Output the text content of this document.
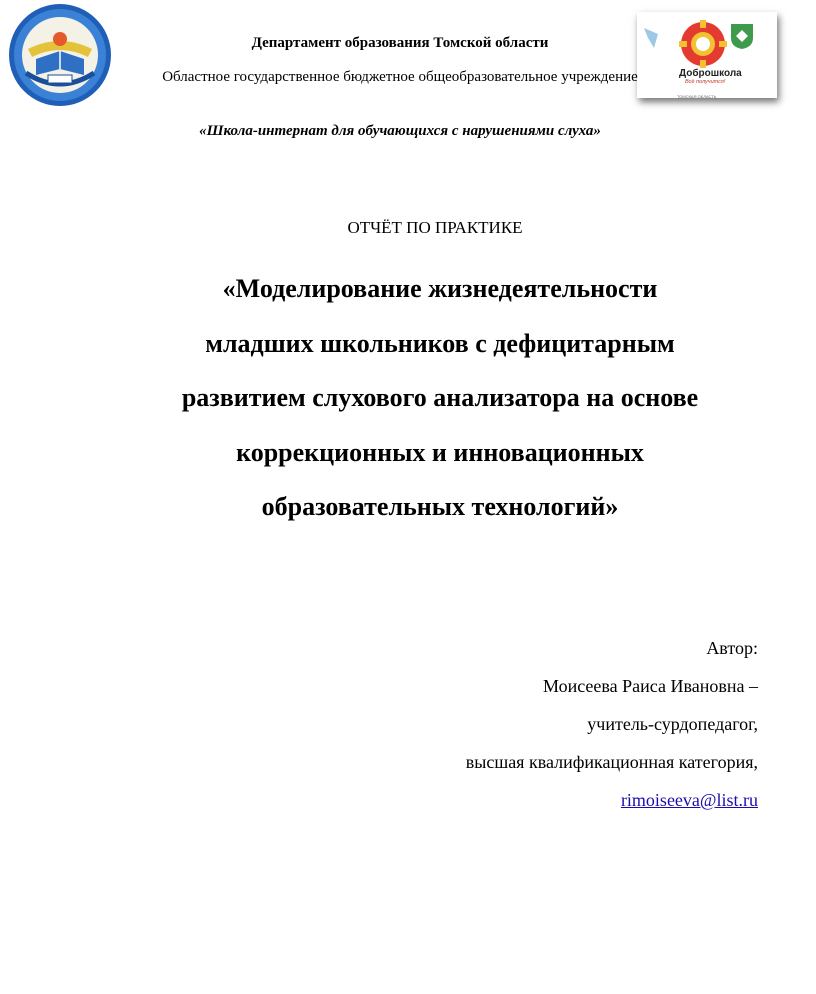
Доброшкола
Всё получится!
ТОМСКАЯ ОБЛАСТЬ
Департамент образования Томской области
Областное государственное бюджетное общеобразовательное учреждение
«Школа-интернат для обучающихся с нарушениями слуха»
ОТЧЁТ ПО ПРАКТИКЕ
«Моделирование жизнедеятельности
младших школьников с дефицитарным
развитием слухового анализатора на основе
коррекционных и инновационных
образовательных технологий»
Автор:
Моисеева Раиса Ивановна –
учитель-сурдопедагог,
высшая квалификационная категория,
rimoiseeva@list.ru
